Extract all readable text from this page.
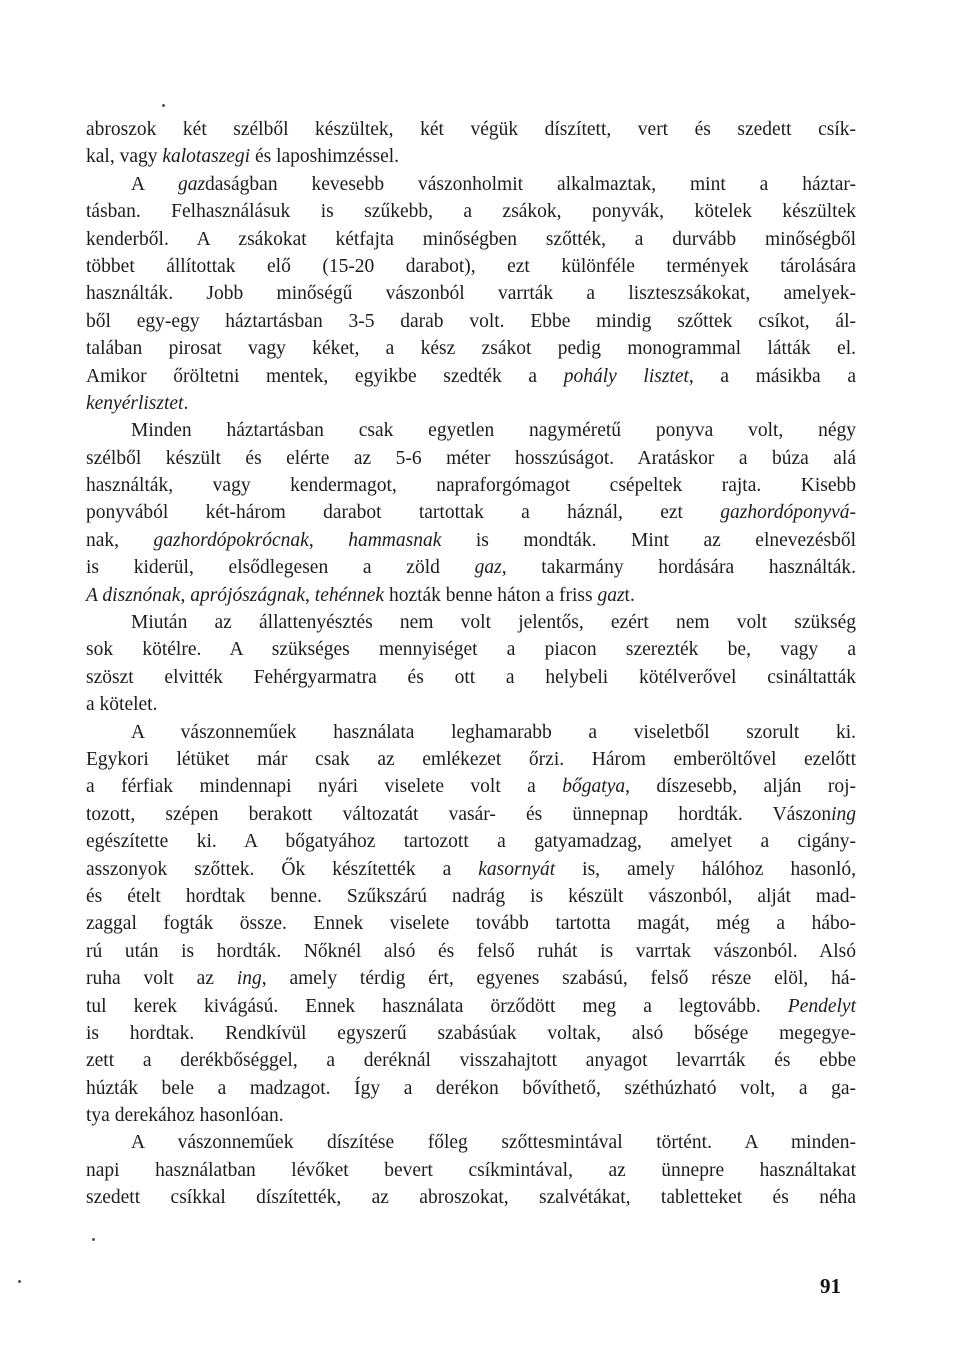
abroszok két szélből készültek, két végük díszített, vert és szedett csík-
kal, vagy kalotaszegi és laposhimzéssel.
A gazdaságban kevesebb vászonholmit alkalmaztak, mint a háztar-
tásban. Felhasználásuk is szűkebb, a zsákok, ponyvák, kötelek készültek
kenderből. A zsákokat kétfajta minőségben szőtték, a durvább minőségből
többet állítottak elő (15-20 darabot), ezt különféle termények tárolására
használták. Jobb minőségű vászonból varrták a liszteszsákokat, amelyek-
ből egy-egy háztartásban 3-5 darab volt. Ebbe mindig szőttek csíkot, ál-
talában pirosat vagy kéket, a kész zsákot pedig monogrammal látták el.
Amikor őröltetni mentek, egyikbe szedték a pohály lisztet, a másikba a
kenyérlisztet.
Minden háztartásban csak egyetlen nagyméretű ponyva volt, négy
szélből készült és elérte az 5-6 méter hosszúságot. Aratáskor a búza alá
használták, vagy kendermagot, napraforgómagot csépeltek rajta. Kisebb
ponyvából két-három darabot tartottak a háznál, ezt gazhordóponyvá-
nak, gazhordópokrócnak, hammasnak is mondták. Mint az elnevezésből
is kiderül, elsődlegesen a zöld gaz, takarmány hordására használták.
A disznónak, aprójószágnak, tehénnek hozták benne háton a friss gazt.
Miután az állattenyésztés nem volt jelentős, ezért nem volt szükség
sok kötélre. A szükséges mennyiséget a piacon szerezték be, vagy a
szöszt elvitték Fehérgyarmatra és ott a helybeli kötélverővel csináltatták
a kötelet.
A vászonneműek használata leghamarabb a viseletből szorult ki.
Egykori létüket már csak az emlékezet őrzi. Három emberöltővel ezelőtt
a férfiak mindennapi nyári viselete volt a bőgatya, díszesebb, alján roj-
tozott, szépen berakott változatát vasár- és ünnepnap hordták. Vászoning
egészítette ki. A bőgatyához tartozott a gatyamadzag, amelyet a cigány-
asszonyok szőttek. Ők készítették a kasornyát is, amely hálóhoz hasonló,
és ételt hordtak benne. Szűkszárú nadrág is készült vászonból, alját mad-
zaggal fogták össze. Ennek viselete tovább tartotta magát, még a hábo-
rú után is hordták. Nőknél alsó és felső ruhát is varrtak vászonból. Alsó
ruha volt az ing, amely térdig ért, egyenes szabású, felső része elöl, há-
tul kerek kivágású. Ennek használata örződött meg a legtovább. Pendelyt
is hordtak. Rendkívül egyszerű szabásúak voltak, alsó bősége megegye-
zett a derékbőséggel, a deréknál visszahajtott anyagot levarrták és ebbe
húzták bele a madzagot. Így a derékon bővíthető, széthúzható volt, a ga-
tya derekához hasonlóan.
A vászonneműek díszítése főleg szőttesmintával történt. A minden-
napi használatban lévőket bevert csíkmintával, az ünnepre használtakat
szedett csíkkal díszítették, az abroszokat, szalvétákat, tabletteket és néha
91
